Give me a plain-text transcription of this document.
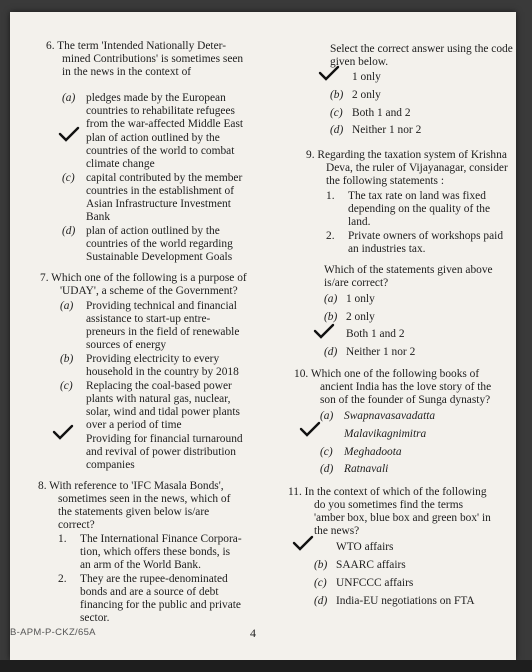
6. The term 'Intended Nationally Deter-
mined Contributions' is sometimes seen
in the news in the context of
(a) pledges made by the European
countries to rehabilitate refugees
from the war-affected Middle East
plan of action outlined by the
countries of the world to combat
climate change
(c) capital contributed by the member
countries in the establishment of
Asian Infrastructure Investment
Bank
(d) plan of action outlined by the
countries of the world regarding
Sustainable Development Goals
7. Which one of the following is a purpose of
'UDAY', a scheme of the Government?
(a) Providing technical and financial
assistance to start-up entre-
preneurs in the field of renewable
sources of energy
(b) Providing electricity to every
household in the country by 2018
(c) Replacing the coal-based power
plants with natural gas, nuclear,
solar, wind and tidal power plants
over a period of time
Providing for financial turnaround
and revival of power distribution
companies
8. With reference to 'IFC Masala Bonds',
sometimes seen in the news, which of
the statements given below is/are
correct?
1. The International Finance Corpora-
tion, which offers these bonds, is
an arm of the World Bank.
2. They are the rupee-denominated
bonds and are a source of debt
financing for the public and private
sector.
Select the correct answer using the code
given below.
1 only
(b) 2 only
(c) Both 1 and 2
(d) Neither 1 nor 2
9. Regarding the taxation system of Krishna
Deva, the ruler of Vijayanagar, consider
the following statements :
1. The tax rate on land was fixed
depending on the quality of the
land.
2. Private owners of workshops paid
an industries tax.
Which of the statements given above
is/are correct?
(a) 1 only
(b) 2 only
Both 1 and 2
(d) Neither 1 nor 2
10. Which one of the following books of
ancient India has the love story of the
son of the founder of Sunga dynasty?
(a) Swapnavasavadatta
Malavikagnimitra
(c) Meghadoota
(d) Ratnavali
11. In the context of which of the following
do you sometimes find the terms
'amber box, blue box and green box' in
the news?
WTO affairs
(b) SAARC affairs
(c) UNFCCC affairs
(d) India-EU negotiations on FTA
B-APM-P-CKZ/65A	4
